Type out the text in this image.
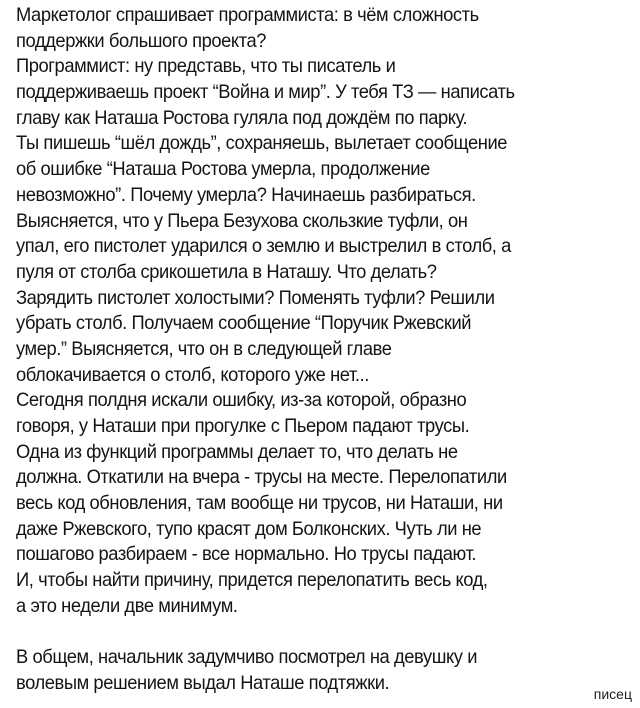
Маркетолог спрашивает программиста: в чём сложность
поддержки большого проекта?
Программист: ну представь, что ты писатель и
поддерживаешь проект “Война и мир”. У тебя ТЗ — написать
главу как Наташа Ростова гуляла под дождём по парку.
Ты пишешь “шёл дождь”, сохраняешь, вылетает сообщение
об ошибке “Наташа Ростова умерла, продолжение
невозможно”. Почему умерла? Начинаешь разбираться.
Выясняется, что у Пьера Безухова скользкие туфли, он
упал, его пистолет ударился о землю и выстрелил в столб, а
пуля от столба срикошетила в Наташу. Что делать?
Зарядить пистолет холостыми? Поменять туфли? Решили
убрать столб. Получаем сообщение “Поручик Ржевский
умер.” Выясняется, что он в следующей главе
облокачивается о столб, которого уже нет...
Сегодня полдня искали ошибку, из-за которой, образно
говоря, у Наташи при прогулке с Пьером падают трусы.
Одна из функций программы делает то, что делать не
должна. Откатили на вчера - трусы на месте. Перелопатили
весь код обновления, там вообще ни трусов, ни Наташи, ни
даже Ржевского, тупо красят дом Болконских. Чуть ли не
пошагово разбираем - все нормально. Но трусы падают.
И, чтобы найти причину, придется перелопатить весь код,
а это недели две минимум.
В общем, начальник задумчиво посмотрел на девушку и
волевым решением выдал Наташе подтяжки.
писец
